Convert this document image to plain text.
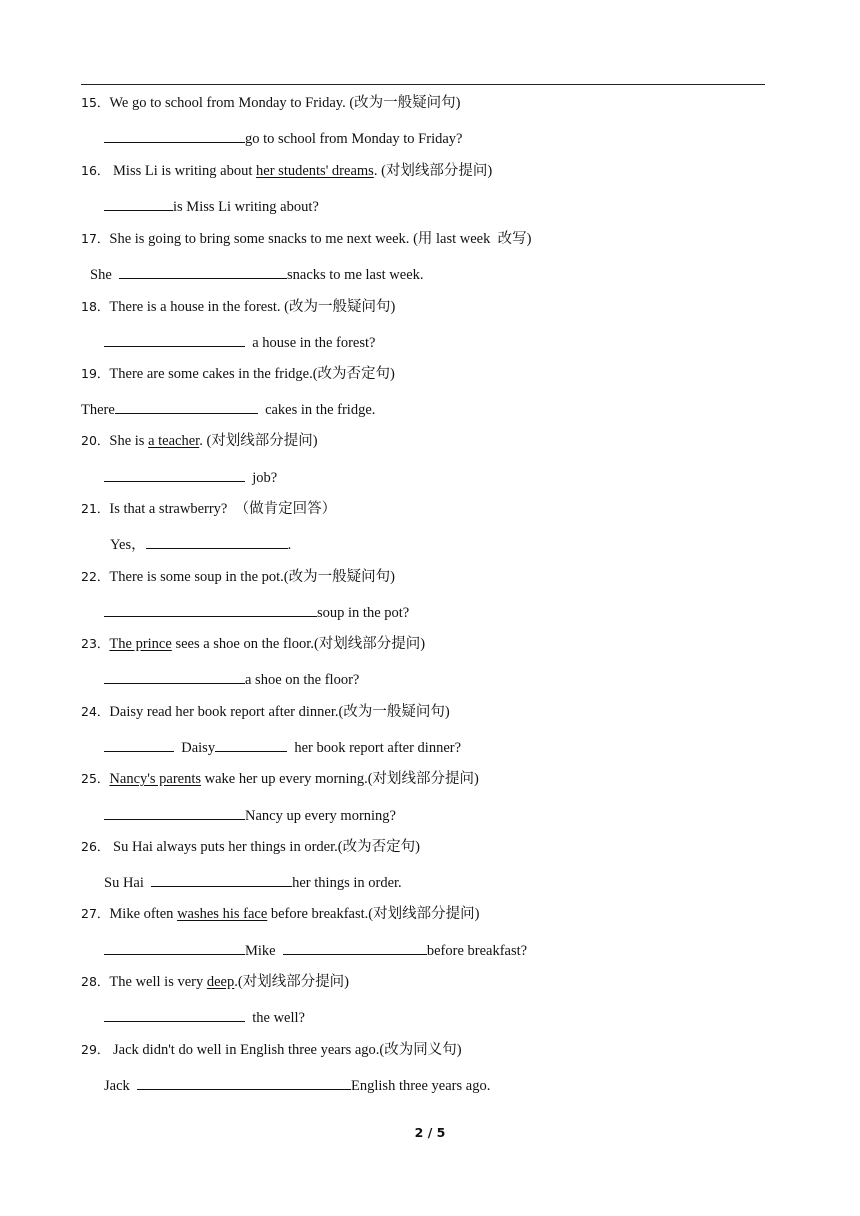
15．We go to school from Monday to Friday. (改为一般疑问句)
go to school from Monday to Friday?
16． Miss Li is writing about her students' dreams. (对划线部分提问)
is Miss Li writing about?
17．She is going to bring some snacks to me next week. (用 last week  改写)
She	snacks to me last week.
18．There is a house in the forest. (改为一般疑问句)
a house in the forest?
19．There are some cakes in the fridge.(改为否定句)
There	cakes in the fridge.
20．She is a teacher. (对划线部分提问)
job?
21．Is that a strawberry?  （做肯定回答）
Yes，	.
22．There is some soup in the pot.(改为一般疑问句)
soup in the pot?
23．The prince sees a shoe on the floor.(对划线部分提问)
a shoe on the floor?
24．Daisy read her book report after dinner.(改为一般疑问句)
Daisy	her book report after dinner?
25．Nancy's parents wake her up every morning.(对划线部分提问)
Nancy up every morning?
26． Su Hai always puts her things in order.(改为否定句)
Su Hai	her things in order.
27．Mike often washes his face before breakfast.(对划线部分提问)
Mike	before breakfast?
28．The well is very deep.(对划线部分提问)
the well?
29． Jack didn't do well in English three years ago.(改为同义句)
Jack	English three years ago.
2 / 5
